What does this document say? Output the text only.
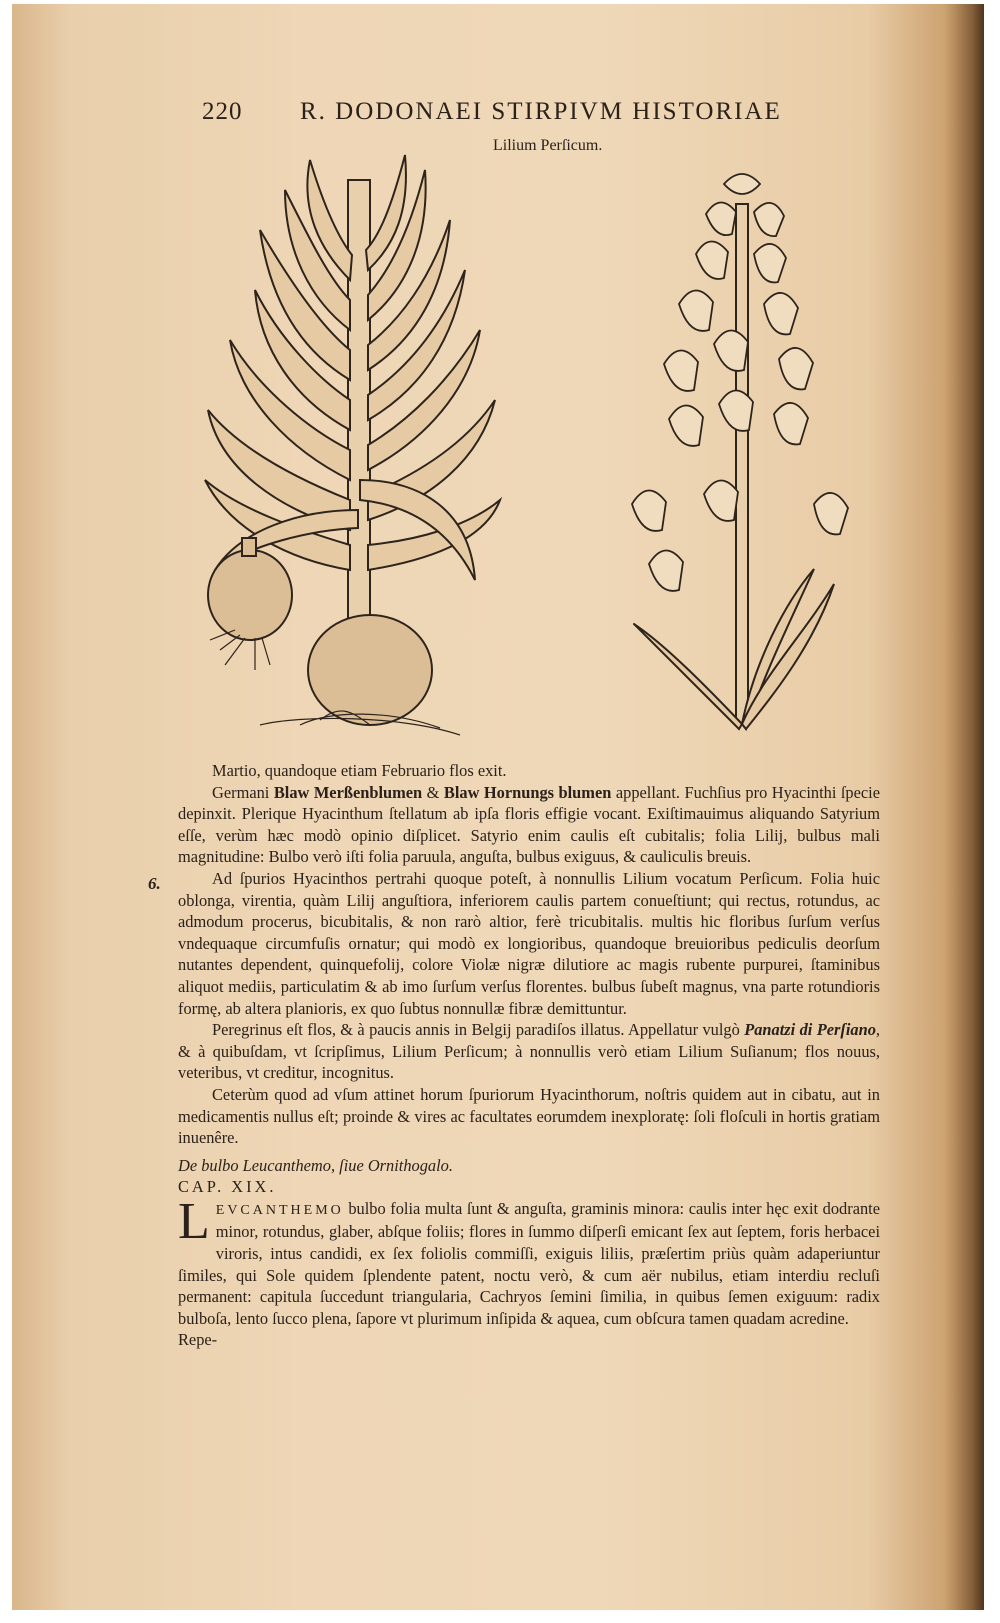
220 R. DODONAEI STIRPIVM HISTORIAE
Lilium Perſicum.
6.

Martio, quandoque etiam Februario flos exit.

Germani Blaw Merßenblumen & Blaw Hornungs blumen appellant. Fuchſius pro Hyacinthi ſpecie depinxit. Plerique Hyacinthum ſtellatum ab ipſa floris effigie vocant. Exiſtimauimus aliquando Satyrium eſſe, verùm hæc modò opinio diſplicet. Satyrio enim caulis eſt cubitalis; folia Lilij, bulbus mali magnitudine: Bulbo verò iſti folia paruula, anguſta, bulbus exiguus, & cauliculis breuis.

Ad ſpurios Hyacinthos pertrahi quoque poteſt, à nonnullis Lilium vocatum Perſicum. Folia huic oblonga, virentia, quàm Lilij anguſtiora, inferiorem caulis partem conueſtiunt; qui rectus, rotundus, ac admodum procerus, bicubitalis, & non rarò altior, ferè tricubitalis. multis hic floribus ſurſum verſus vndequaque circumfuſis ornatur; qui modò ex longioribus, quandoque breuioribus pediculis deorſum nutantes dependent, quinquefolij, colore Violæ nigræ dilutiore ac magis rubente purpurei, ſtaminibus aliquot mediis, particulatim & ab imo ſurſum verſus florentes. bulbus ſubeſt magnus, vna parte rotundioris formę, ab altera planioris, ex quo ſubtus nonnullæ fibræ demittuntur.

Peregrinus eſt flos, & à paucis annis in Belgij paradiſos illatus. Appellatur vulgò Panatzi di Perſiano, & à quibuſdam, vt ſcripſimus, Lilium Perſicum; à nonnullis verò etiam Lilium Suſianum; flos nouus, veteribus, vt creditur, incognitus.

Ceterùm quod ad vſum attinet horum ſpuriorum Hyacinthorum, noſtris quidem aut in cibatu, aut in medicamentis nullus eſt; proinde & vires ac facultates eorumdem inexploratę: ſoli floſculi in hortis gratiam inuenêre.

De bulbo Leucanthemo, ſiue Ornithogalo.

CAP. XIX.

LEVCANTHEMO bulbo folia multa ſunt & anguſta, graminis minora: caulis inter hęc exit dodrante minor, rotundus, glaber, abſque foliis; flores in ſummo diſperſi emicant ſex aut ſeptem, foris herbacei viroris, intus candidi, ex ſex foliolis commiſſi, exiguis liliis, præſertim priùs quàm adaperiuntur ſimiles, qui Sole quidem ſplendente patent, noctu verò, & cum aër nubilus, etiam interdiu recluſi permanent: capitula ſuccedunt triangularia, Cachryos ſemini ſimilia, in quibus ſemen exiguum: radix bulboſa, lento ſucco plena, ſapore vt plurimum inſipida & aquea, cum obſcura tamen quadam acredine.

Repe-
